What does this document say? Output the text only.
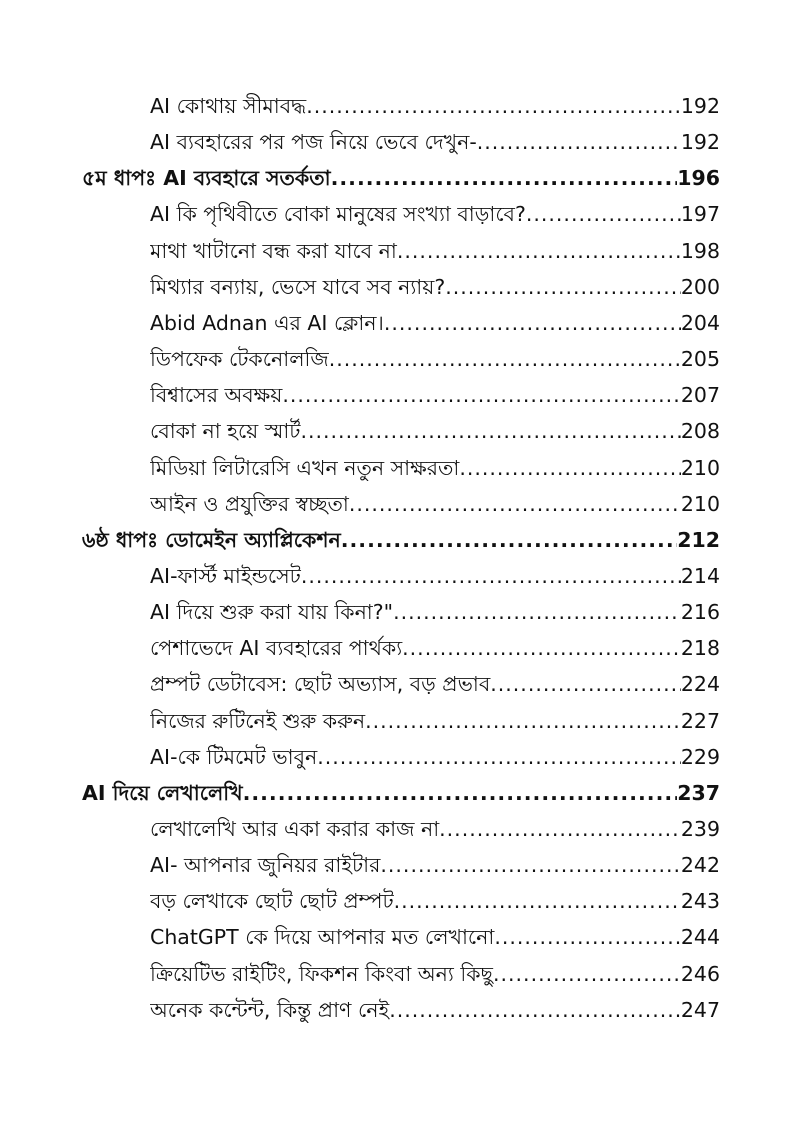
AI কোথায় সীমাবদ্ধ .....	192
AI ব্যবহারের পর পজ নিয়ে ভেবে দেখুন- .....	192
৫ম ধাপঃ AI ব্যবহারে সতর্কতা .....	196
AI কি পৃথিবীতে বোকা মানুষের সংখ্যা বাড়াবে? .....	197
মাথা খাটানো বন্ধ করা যাবে না .....	198
মিথ্যার বন্যায়, ভেসে যাবে সব ন্যায়? .....	200
Abid Adnan এর AI ক্লোন। .....	204
ডিপফেক টেকনোলজি .....	205
বিশ্বাসের অবক্ষয় .....	207
বোকা না হয়ে স্মার্ট .....	208
মিডিয়া লিটারেসি এখন নতুন সাক্ষরতা .....	210
আইন ও প্রযুক্তির স্বচ্ছতা .....	210
৬ষ্ঠ ধাপঃ ডোমেইন অ্যাপ্লিকেশন .....	212
AI-ফার্স্ট মাইন্ডসেট .....	214
AI দিয়ে শুরু করা যায় কিনা?" .....	216
পেশাভেদে AI ব্যবহারের পার্থক্য .....	218
প্রম্পট ডেটাবেস: ছোট অভ্যাস, বড় প্রভাব .....	224
নিজের রুটিনেই শুরু করুন .....	227
AI-কে টিমমেট ভাবুন .....	229
AI দিয়ে লেখালেখি .....	237
লেখালেখি আর একা করার কাজ না .....	239
AI- আপনার জুনিয়র রাইটার .....	242
বড় লেখাকে ছোট ছোট প্রম্পট .....	243
ChatGPT কে দিয়ে আপনার মত লেখানো .....	244
ক্রিয়েটিভ রাইটিং, ফিকশন কিংবা অন্য কিছু .....	246
অনেক কন্টেন্ট, কিন্তু প্রাণ নেই .....	247
